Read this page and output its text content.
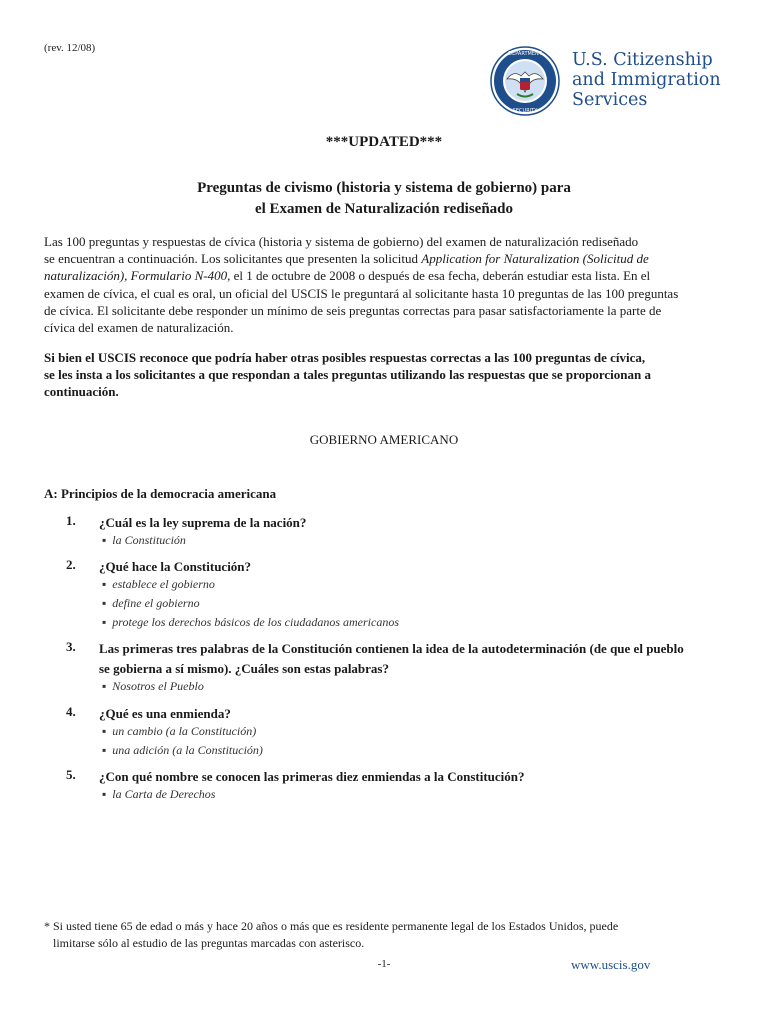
(rev. 12/08)	DEPARTMENT
SECURITY
U.S. Citizenship
and Immigration
Services
***UPDATED***
Preguntas de civismo (historia y sistema de gobierno) para
el Examen de Naturalización rediseñado
Las 100 preguntas y respuestas de cívica (historia y sistema de gobierno) del examen de naturalización rediseñado
se encuentran a continuación. Los solicitantes que presenten la solicitud Application for Naturalization (Solicitud de
naturalización), Formulario N-400, el 1 de octubre de 2008 o después de esa fecha, deberán estudiar esta lista. En el
examen de cívica, el cual es oral, un oficial del USCIS le preguntará al solicitante hasta 10 preguntas de las 100 preguntas
de cívica. El solicitante debe responder un mínimo de seis preguntas correctas para pasar satisfactoriamente la parte de
cívica del examen de naturalización.
Si bien el USCIS reconoce que podría haber otras posibles respuestas correctas a las 100 preguntas de cívica,
se les insta a los solicitantes a que respondan a tales preguntas utilizando las respuestas que se proporcionan a
continuación.
GOBIERNO AMERICANO
A: Principios de la democracia americana
1. ¿Cuál es la ley suprema de la nación?
▪ la Constitución
2. ¿Qué hace la Constitución?
▪ establece el gobierno
▪ define el gobierno
▪ protege los derechos básicos de los ciudadanos americanos
3. Las primeras tres palabras de la Constitución contienen la idea de la autodeterminación (de que el pueblo
se gobierna a sí mismo). ¿Cuáles son estas palabras?
▪ Nosotros el Pueblo
4. ¿Qué es una enmienda?
▪ un cambio (a la Constitución)
▪ una adición (a la Constitución)
5. ¿Con qué nombre se conocen las primeras diez enmiendas a la Constitución?
▪ la Carta de Derechos
* Si usted tiene 65 de edad o más y hace 20 años o más que es residente permanente legal de los Estados Unidos, puede
limitarse sólo al estudio de las preguntas marcadas con asterisco.
-1-	www.uscis.gov
